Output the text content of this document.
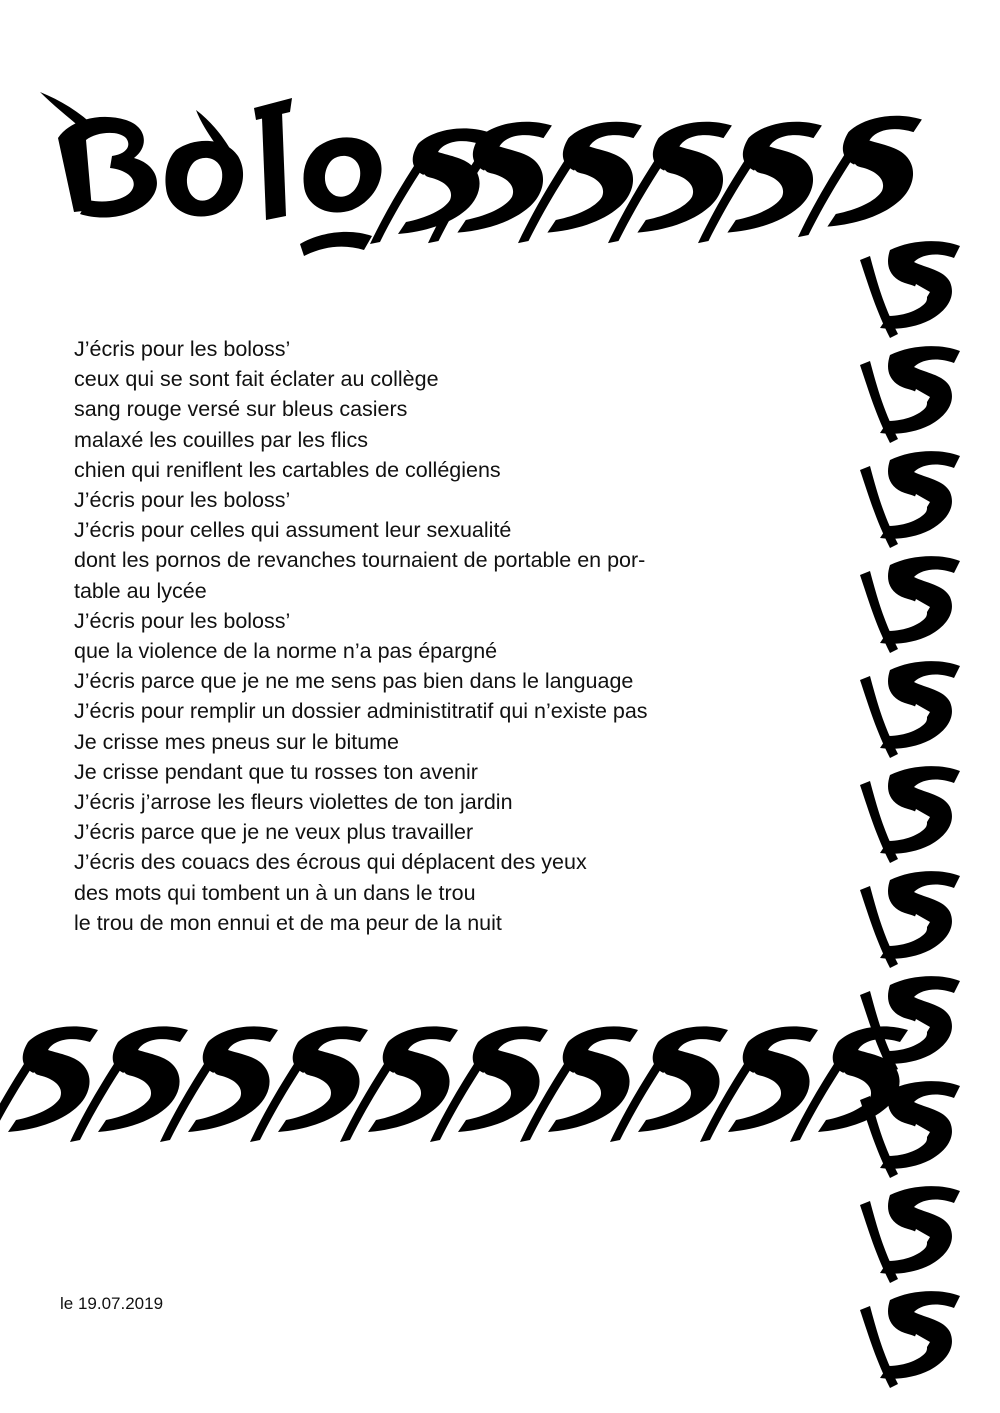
J’écris pour les boloss’
ceux qui se sont fait éclater au collège
sang rouge versé sur bleus casiers
malaxé les couilles par les flics
chien qui reniflent les cartables de collégiens
J’écris pour les boloss’
J’écris pour celles qui assument leur sexualité
dont les pornos de revanches tournaient de portable en por-
table au lycée
J’écris pour les boloss’
que la violence de la norme n’a pas épargné
J’écris parce que je ne me sens pas bien dans le language
J’écris pour remplir un dossier administitratif qui n’existe pas
Je crisse mes pneus sur le bitume
Je crisse pendant que tu rosses ton avenir
J’écris j’arrose les fleurs violettes de ton jardin
J’écris parce que je ne veux plus travailler
J’écris des couacs des écrous qui déplacent des yeux
des mots qui tombent un à un dans le trou
le trou de mon ennui et de ma peur de la nuit
le 19.07.2019
